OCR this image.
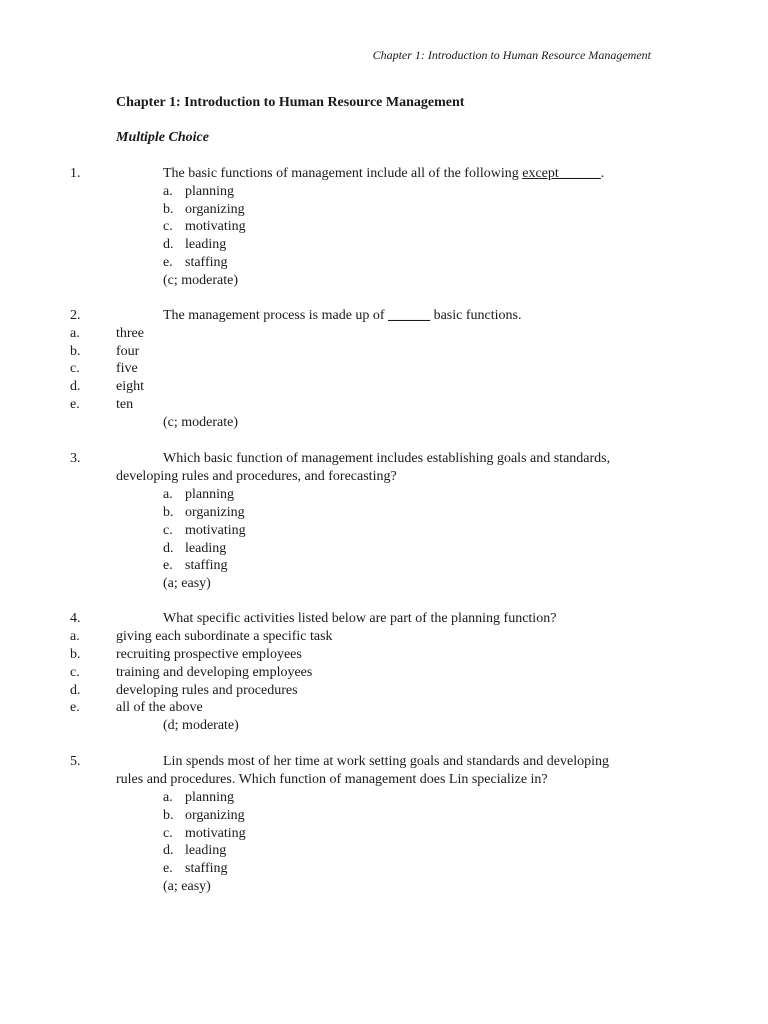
Chapter 1: Introduction to Human Resource Management
Chapter 1: Introduction to Human Resource Management
Multiple Choice
1.	The basic functions of management include all of the following except______.
a. planning
b. organizing
c. motivating
d. leading
e. staffing
(c; moderate)
2.	The management process is made up of ______ basic functions.
a.	three
b.	four
c.	five
d.	eight
e.	ten
(c; moderate)
3.	Which basic function of management includes establishing goals and standards,
developing rules and procedures, and forecasting?
a. planning
b. organizing
c. motivating
d. leading
e. staffing
(a; easy)
4.	What specific activities listed below are part of the planning function?
a.	giving each subordinate a specific task
b.	recruiting prospective employees
c.	training and developing employees
d.	developing rules and procedures
e.	all of the above
(d; moderate)
5.	Lin spends most of her time at work setting goals and standards and developing
rules and procedures. Which function of management does Lin specialize in?
a. planning
b. organizing
c. motivating
d. leading
e. staffing
(a; easy)
